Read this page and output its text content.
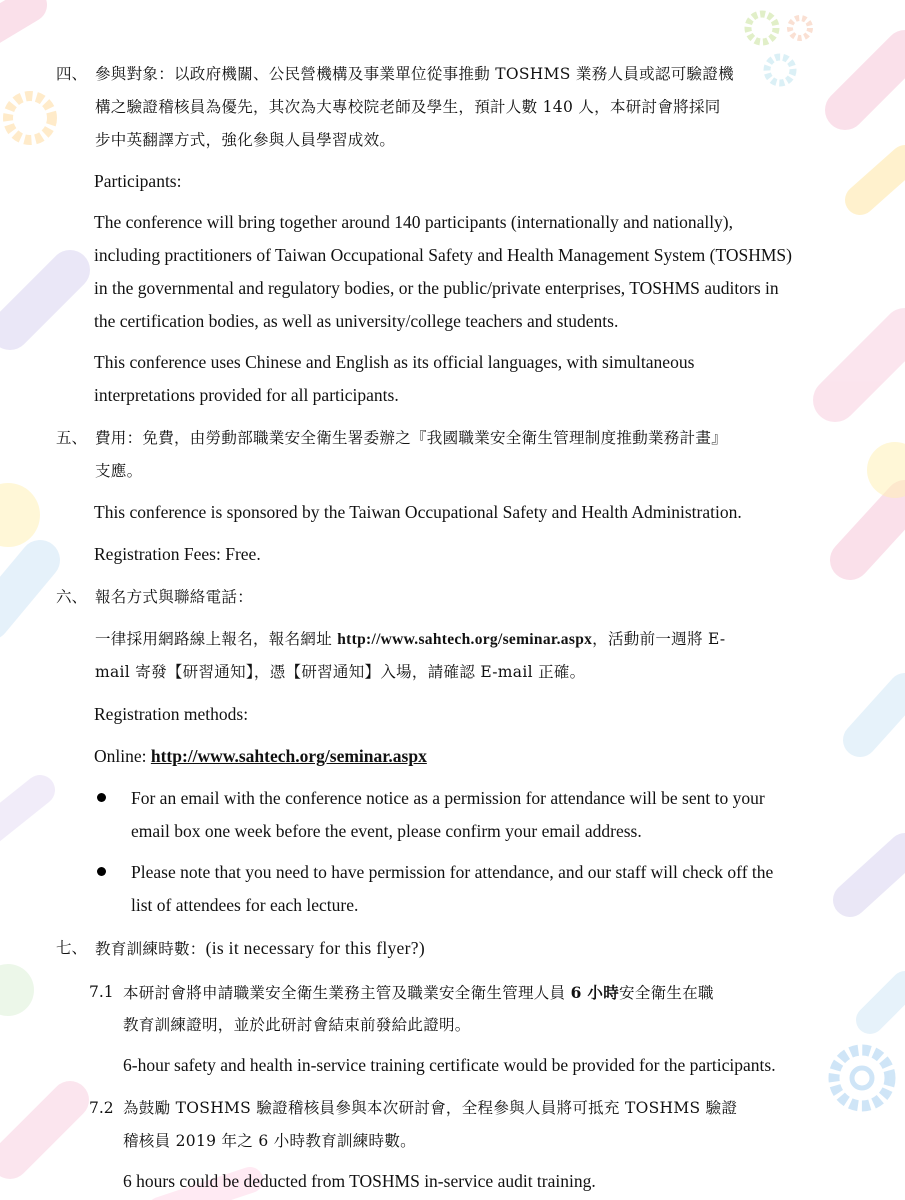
四、 參與對象：以政府機關、公民營機構及事業單位從事推動 TOSHMS 業務人員或認可驗證機

構之驗證稽核員為優先，其次為大專校院老師及學生，預計人數 140 人，本研討會將採同

步中英翻譯方式，強化參與人員學習成效。

Participants:

The conference will bring together around 140 participants (internationally and nationally),

including practitioners of Taiwan Occupational Safety and Health Management System (TOSHMS)

in the governmental and regulatory bodies, or the public/private enterprises, TOSHMS auditors in

the certification bodies, as well as university/college teachers and students.

This conference uses Chinese and English as its official languages, with simultaneous

interpretations provided for all participants.

五、 費用：免費，由勞動部職業安全衛生署委辦之『我國職業安全衛生管理制度推動業務計畫』

支應。

This conference is sponsored by the Taiwan Occupational Safety and Health Administration.

Registration Fees: Free.

六、 報名方式與聯絡電話：

一律採用網路線上報名，報名網址 http://www.sahtech.org/seminar.aspx，活動前一週將 E-

mail 寄發【研習通知】，憑【研習通知】入場，請確認 E-mail 正確。

Registration methods:

Online: http://www.sahtech.org/seminar.aspx

For an email with the conference notice as a permission for attendance will be sent to your

email box one week before the event, please confirm your email address.

Please note that you need to have permission for attendance, and our staff will check off the

list of attendees for each lecture.

七、 教育訓練時數：(is it necessary for this flyer?)

7.1 本研討會將申請職業安全衛生業務主管及職業安全衛生管理人員 6 小時安全衛生在職

教育訓練證明，並於此研討會結束前發給此證明。

6-hour safety and health in-service training certificate would be provided for the participants.

7.2 為鼓勵 TOSHMS 驗證稽核員參與本次研討會，全程參與人員將可抵充 TOSHMS 驗證

稽核員 2019 年之 6 小時教育訓練時數。

6 hours could be deducted from TOSHMS in-service audit training.
